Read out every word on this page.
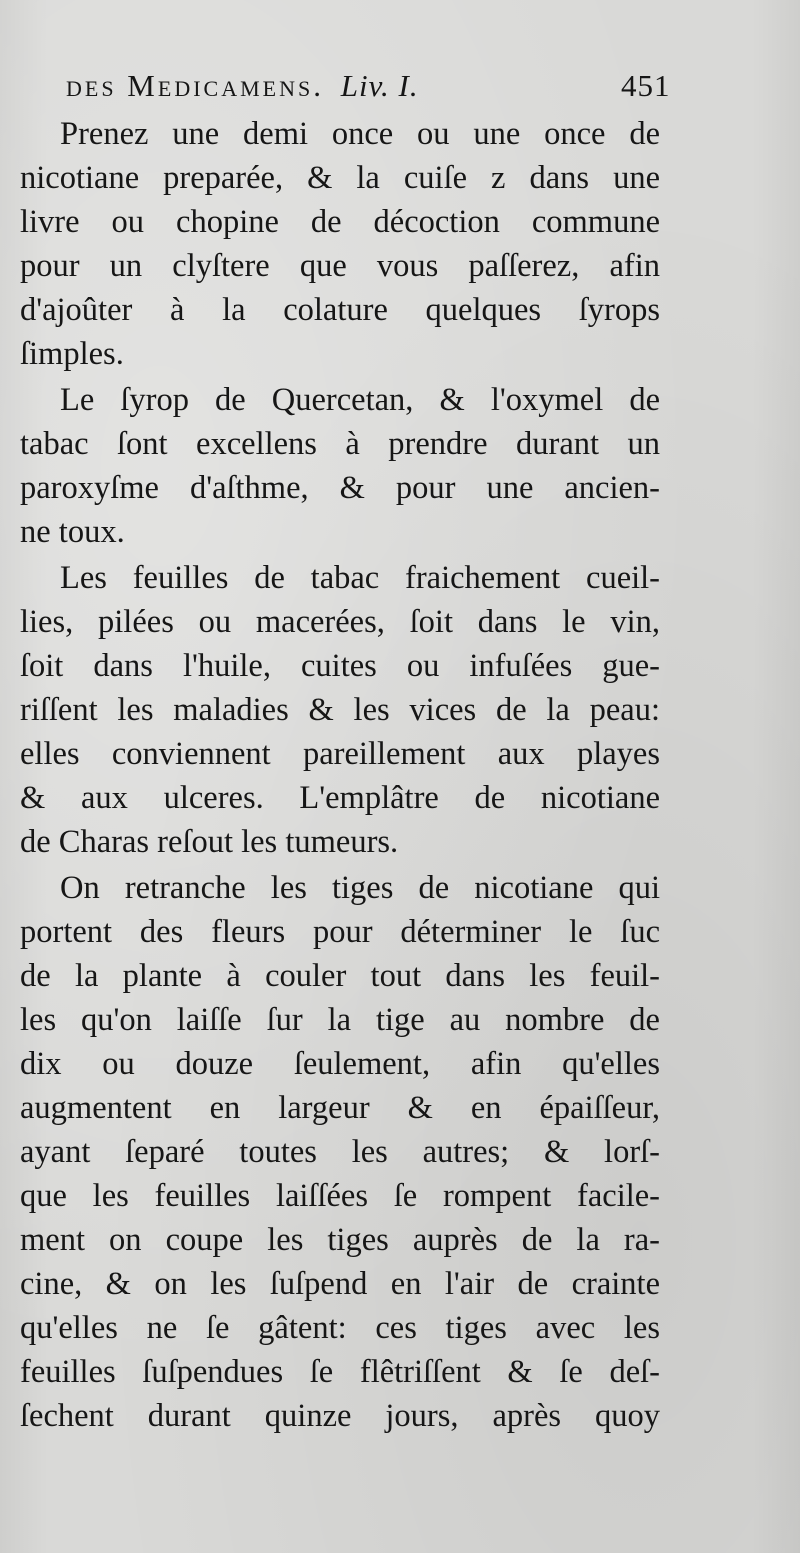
des Medicamens. Liv. I.	451
Prenez une demi once ou une once de
nicotiane preparée, & la cuiſe z dans une
livre ou chopine de décoction commune
pour un clyſtere que vous paſſerez, afin
d'ajoûter à la colature quelques ſyrops
ſimples.
Le ſyrop de Quercetan, & l'oxymel de
tabac ſont excellens à prendre durant un
paroxyſme d'aſthme, & pour une ancien-
ne toux.
Les feuilles de tabac fraichement cueil-
lies, pilées ou macerées, ſoit dans le vin,
ſoit dans l'huile, cuites ou infuſées gue-
riſſent les maladies & les vices de la peau:
elles conviennent pareillement aux playes
& aux ulceres. L'emplâtre de nicotiane
de Charas reſout les tumeurs.
On retranche les tiges de nicotiane qui
portent des fleurs pour déterminer le ſuc
de la plante à couler tout dans les feuil-
les qu'on laiſſe ſur la tige au nombre de
dix ou douze ſeulement, afin qu'elles
augmentent en largeur & en épaiſſeur,
ayant ſeparé toutes les autres; & lorſ-
que les feuilles laiſſées ſe rompent facile-
ment on coupe les tiges auprès de la ra-
cine, & on les ſuſpend en l'air de crainte
qu'elles ne ſe gâtent: ces tiges avec les
feuilles ſuſpendues ſe flêtriſſent & ſe deſ-
ſechent durant quinze jours, après quoy
